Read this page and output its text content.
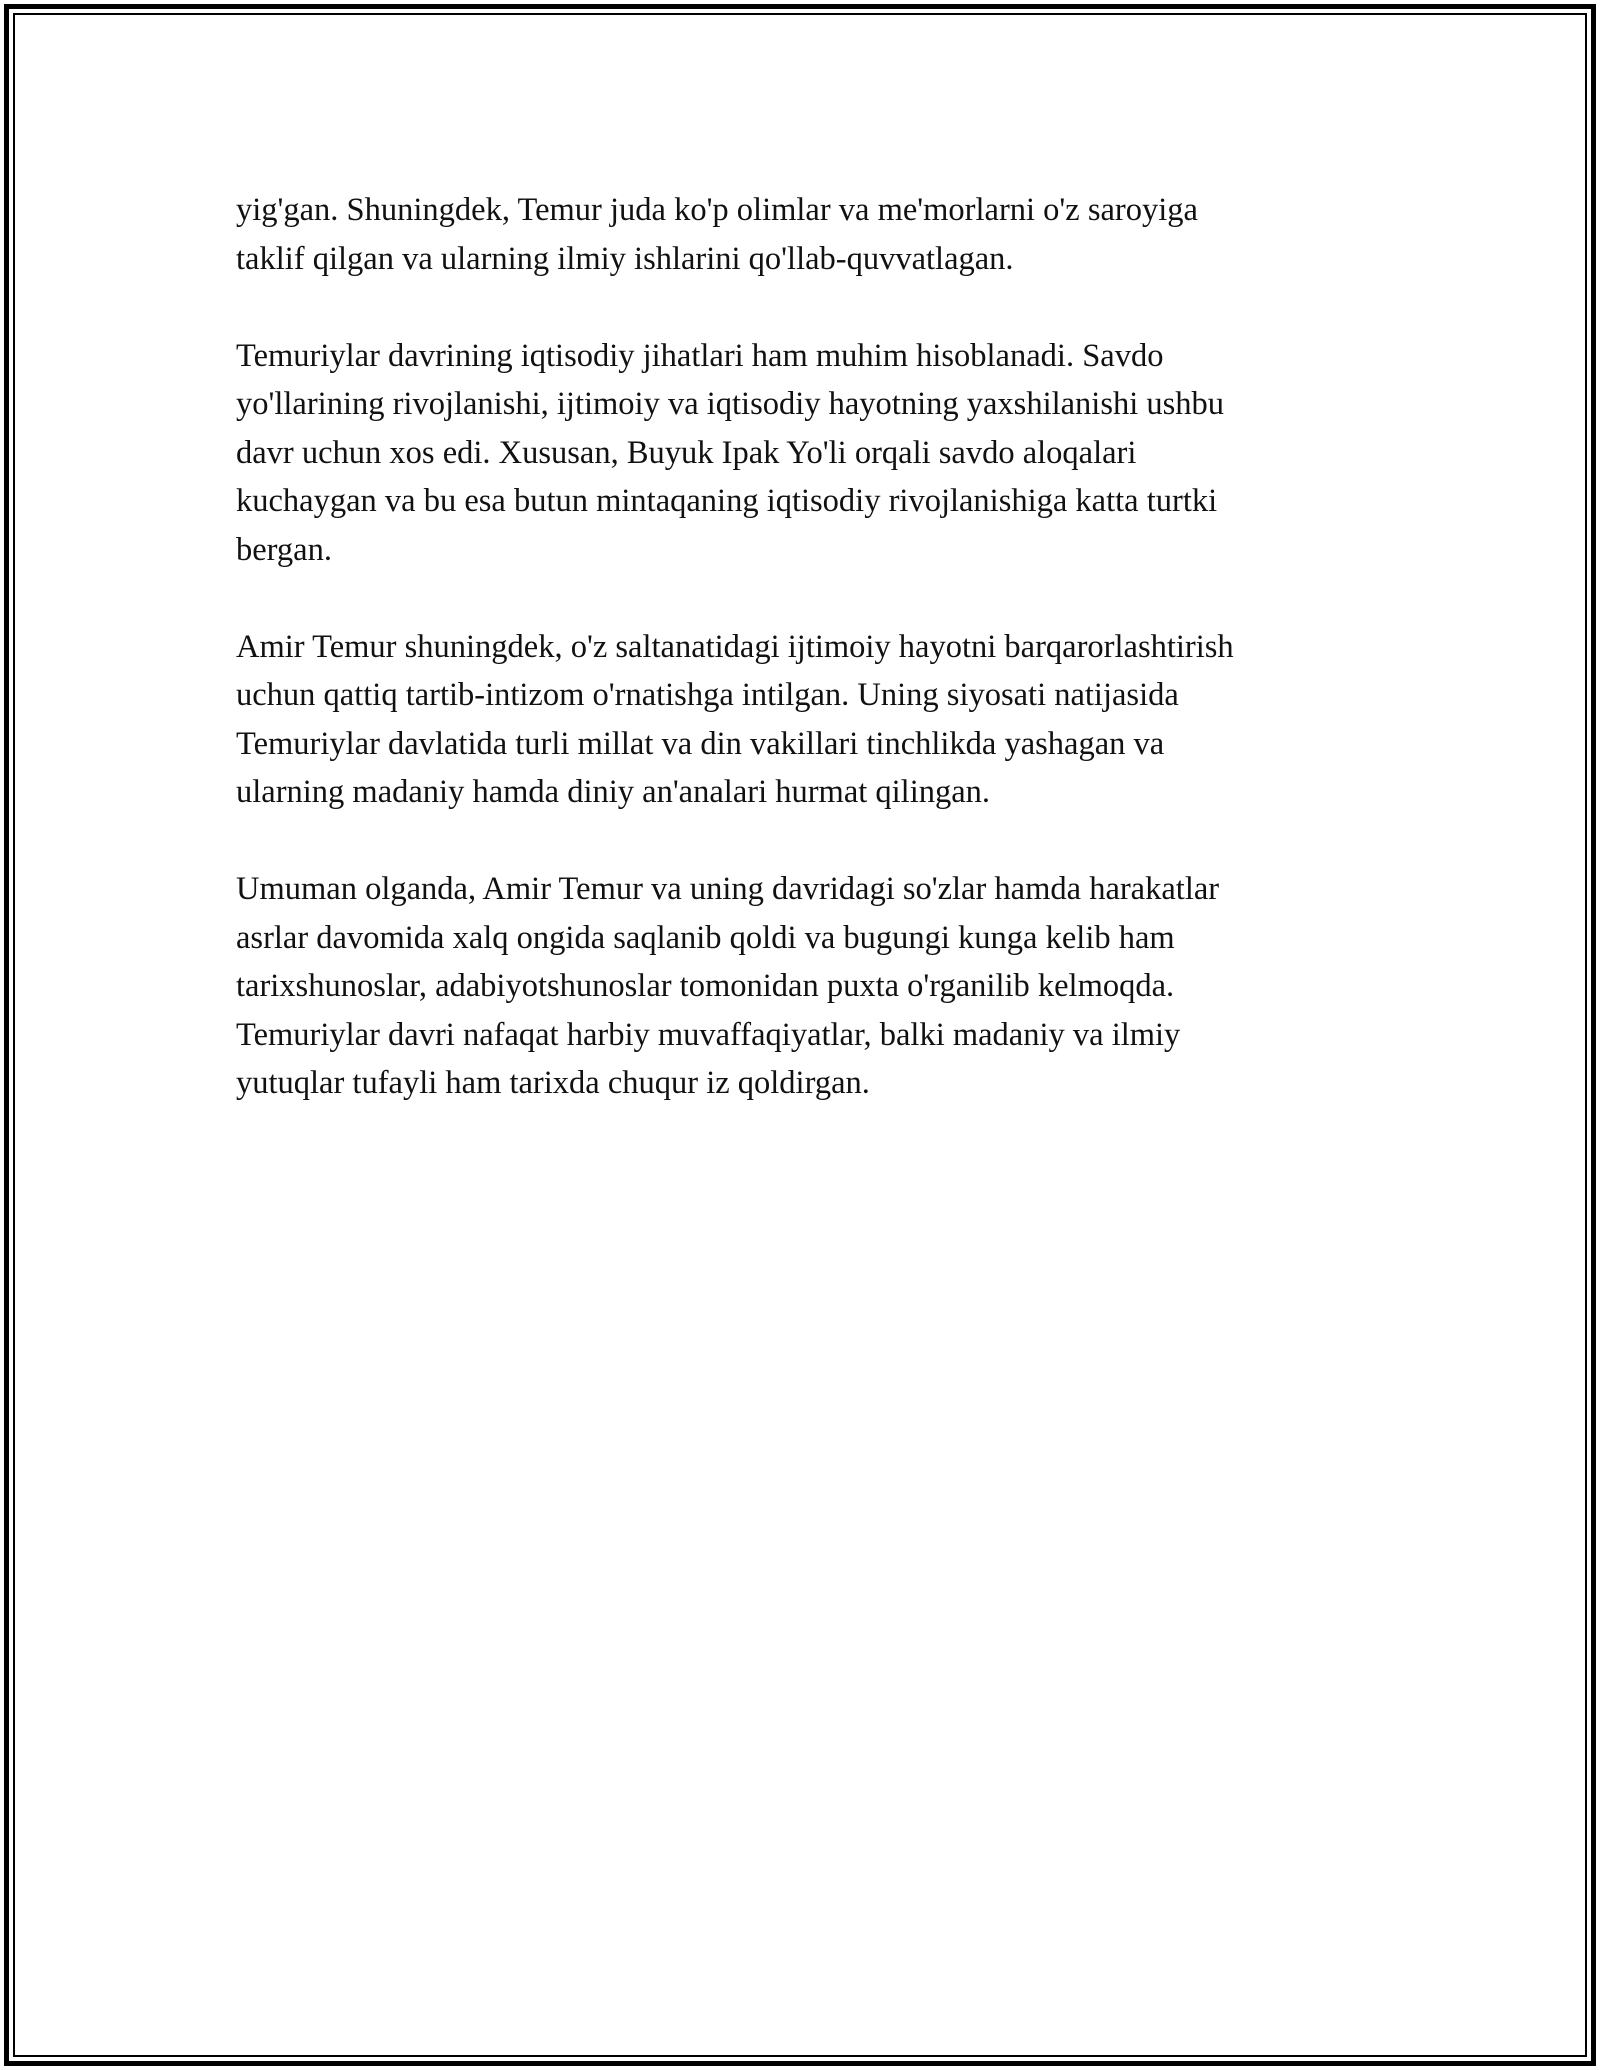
yig'gan. Shuningdek, Temur juda ko'p olimlar va me'morlarni o'z saroyiga
taklif qilgan va ularning ilmiy ishlarini qo'llab-quvvatlagan.

Temuriylar davrining iqtisodiy jihatlari ham muhim hisoblanadi. Savdo
yo'llarining rivojlanishi, ijtimoiy va iqtisodiy hayotning yaxshilanishi ushbu
davr uchun xos edi. Xususan, Buyuk Ipak Yo'li orqali savdo aloqalari
kuchaygan va bu esa butun mintaqaning iqtisodiy rivojlanishiga katta turtki
bergan.

Amir Temur shuningdek, o'z saltanatidagi ijtimoiy hayotni barqarorlashtirish
uchun qattiq tartib-intizom o'rnatishga intilgan. Uning siyosati natijasida
Temuriylar davlatida turli millat va din vakillari tinchlikda yashagan va
ularning madaniy hamda diniy an'analari hurmat qilingan.

Umuman olganda, Amir Temur va uning davridagi so'zlar hamda harakatlar
asrlar davomida xalq ongida saqlanib qoldi va bugungi kunga kelib ham
tarixshunoslar, adabiyotshunoslar tomonidan puxta o'rganilib kelmoqda.
Temuriylar davri nafaqat harbiy muvaffaqiyatlar, balki madaniy va ilmiy
yutuqlar tufayli ham tarixda chuqur iz qoldirgan.
